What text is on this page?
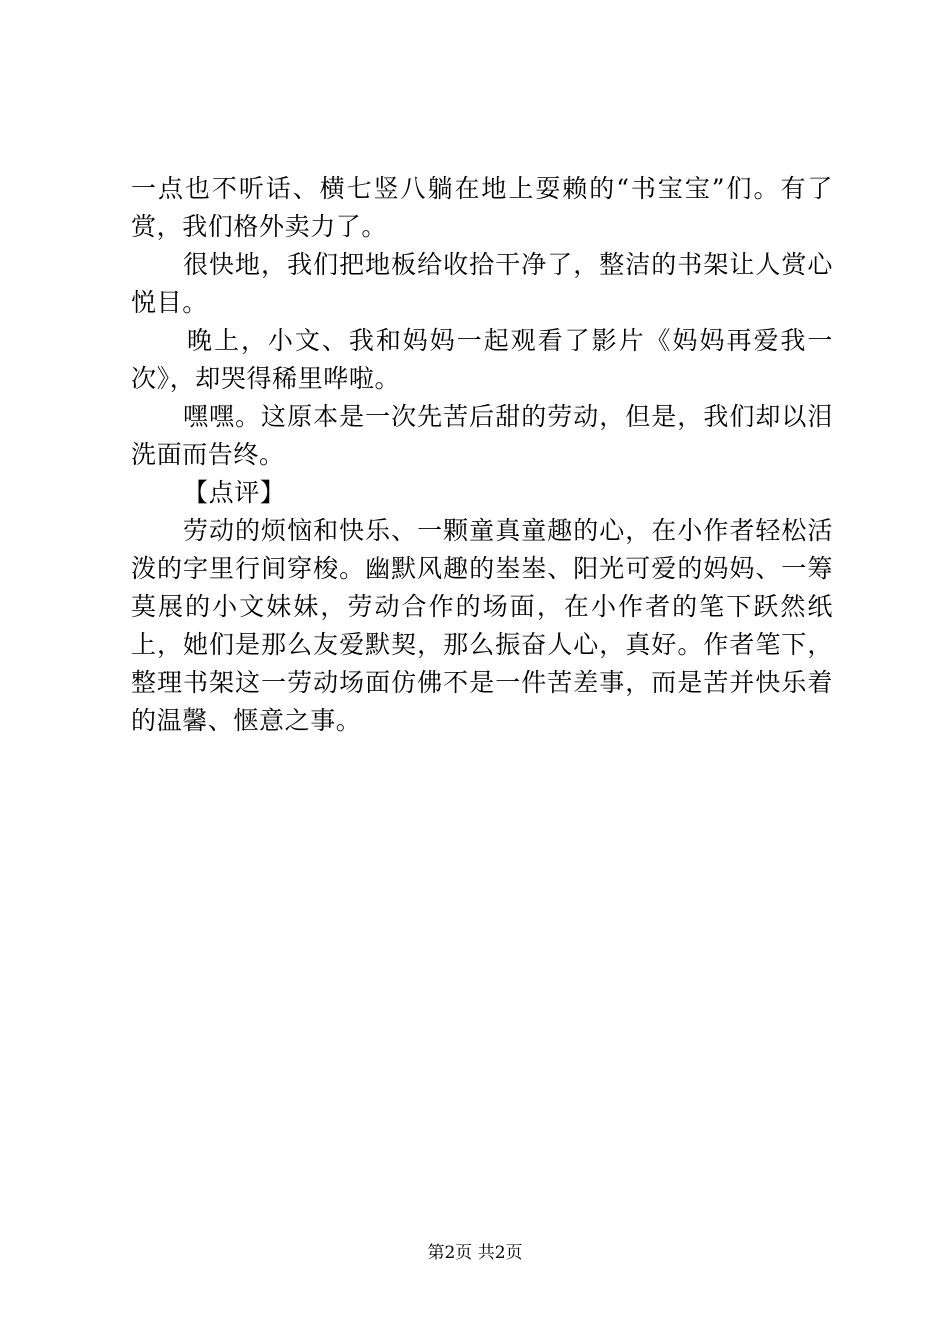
一点也不听话、横七竖八躺在地上耍赖的“书宝宝”们。有了赏，我们格外卖力了。

很快地，我们把地板给收拾干净了，整洁的书架让人赏心悦目。

晚上，小文、我和妈妈一起观看了影片《妈妈再爱我一次》，却哭得稀里哗啦。

嘿嘿。这原本是一次先苦后甜的劳动，但是，我们却以泪洗面而告终。

【点评】

劳动的烦恼和快乐、一颗童真童趣的心，在小作者轻松活泼的字里行间穿梭。幽默风趣的峚峚、阳光可爱的妈妈、一筹莫展的小文妹妹，劳动合作的场面，在小作者的笔下跃然纸上，她们是那么友爱默契，那么振奋人心，真好。作者笔下，整理书架这一劳动场面仿佛不是一件苦差事，而是苦并快乐着的温馨、惬意之事。

第2页 共2页
